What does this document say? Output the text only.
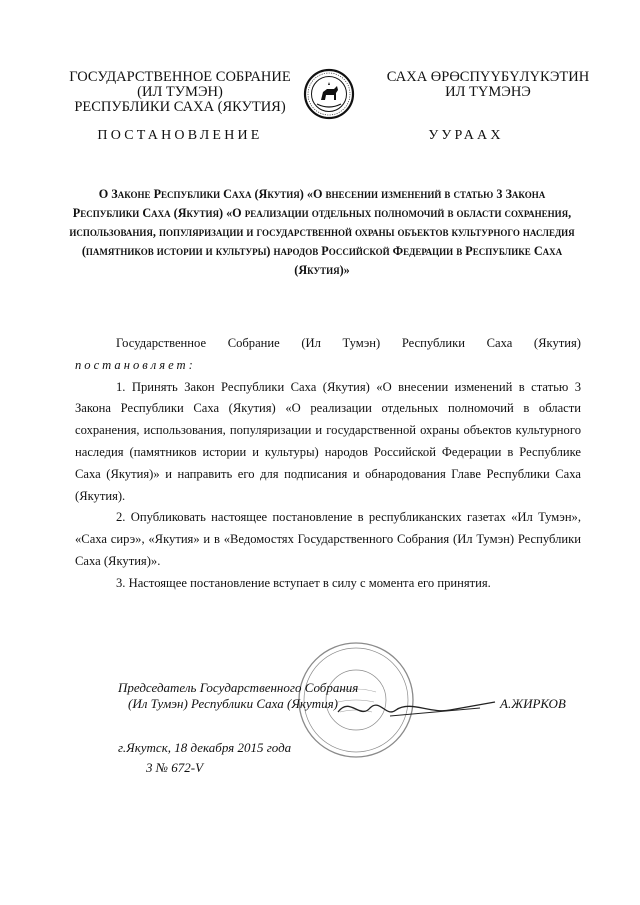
ГОСУДАРСТВЕННОЕ СОБРАНИЕ
(ИЛ ТУМЭН)
РЕСПУБЛИКИ САХА (ЯКУТИЯ)
ПОСТАНОВЛЕНИЕ
САХА ӨРӨСПҮҮБҮЛҮКЭТИН
ИЛ ТҮМЭНЭ
УУРААХ
О Законе Республики Саха (Якутия) «О внесении изменений в статью 3 Закона Республики Саха (Якутия) «О реализации отдельных полномочий в области сохранения, использования, популяризации и государственной охраны объектов культурного наследия (памятников истории и культуры) народов Российской Федерации в Республике Саха (Якутия)»

Государственное Собрание (Ил Тумэн) Республики Саха (Якутия)

постановляет:

1. Принять Закон Республики Саха (Якутия) «О внесении изменений в статью 3 Закона Республики Саха (Якутия) «О реализации отдельных полномочий в области сохранения, использования, популяризации и государственной охраны объектов культурного наследия (памятников истории и культуры) народов Российской Федерации в Республике Саха (Якутия)» и направить его для подписания и обнародования Главе Республики Саха (Якутия).

2. Опубликовать настоящее постановление в республиканских газетах «Ил Тумэн», «Саха сирэ», «Якутия» и в «Ведомостях Государственного Собрания (Ил Тумэн) Республики Саха (Якутия)».

3. Настоящее постановление вступает в силу с момента его принятия.

Председатель Государственного Собрания
(Ил Тумэн) Республики Саха (Якутия)	А.ЖИРКОВ
г.Якутск, 18 декабря 2015 года
3 № 672-V
